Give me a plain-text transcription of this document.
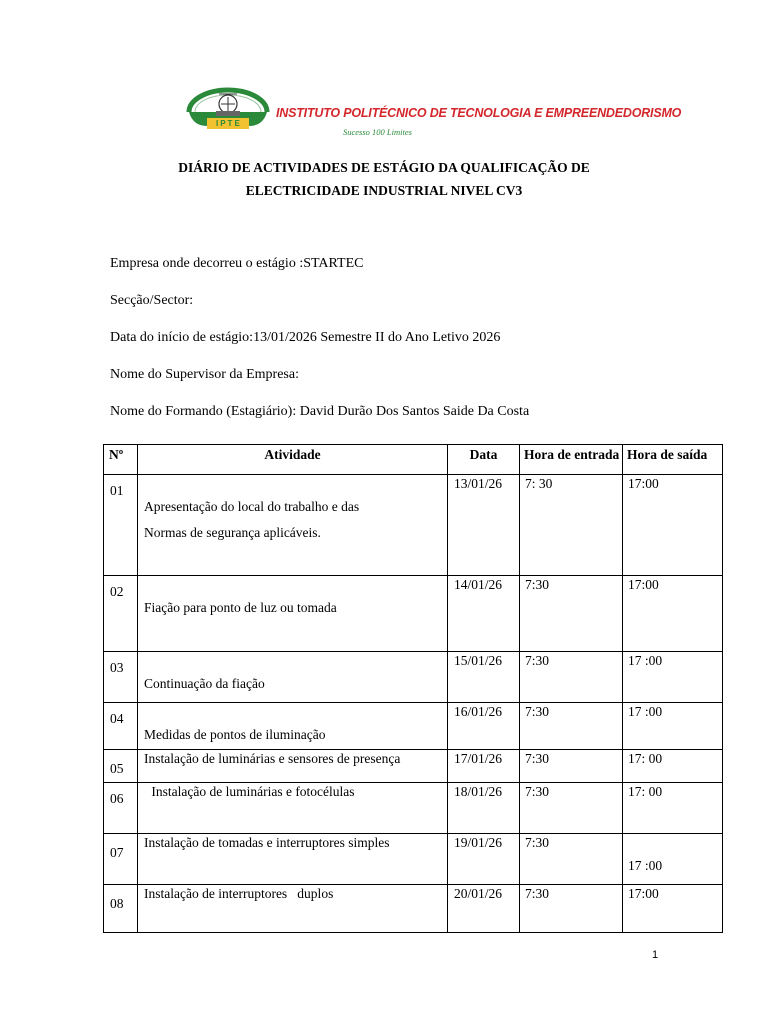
IPTE
INSTITUTO POLITÉCNICO DE TECNOLOGIA E EMPREENDEDORISMO
Sucesso 100 Limites
DIÁRIO DE ACTIVIDADES DE ESTÁGIO DA QUALIFICAÇÃO DE
ELECTRICIDADE INDUSTRIAL NIVEL CV3
Empresa onde decorreu o estágio :STARTEC
Secção/Sector:
Data do início de estágio:13/01/2026 Semestre II do Ano Letivo 2026
Nome do Supervisor da Empresa:
Nome do Formando (Estagiário): David Durão Dos Santos Saide Da Costa
Nº	Atividade	Data	Hora de entrada	Hora de saída

01	Apresentação do local do trabalho e das
Normas de segurança aplicáveis.	13/01/26	7: 30	17:00

02	Fiação para ponto de luz ou tomada	14/01/26	7:30	17:00

03	Continuação da fiação	15/01/26	7:30	17 :00

04	Medidas de pontos de iluminação	16/01/26	7:30	17 :00

05	Instalação de luminárias e sensores de presença	17/01/26	7:30	17: 00

06	Instalação de luminárias e fotocélulas	18/01/26	7:30	17: 00

07	Instalação de tomadas e interruptores simples	19/01/26	7:30	17 :00

08	Instalação de interruptores   duplos	20/01/26	7:30	17:00
1
